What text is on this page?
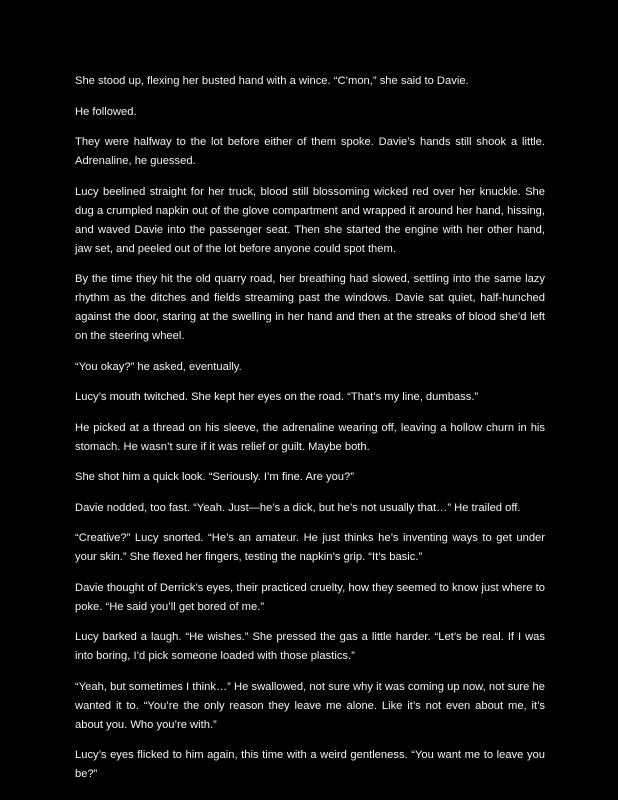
She stood up, flexing her busted hand with a wince. “C’mon,” she said to Davie.

He followed.

They were halfway to the lot before either of them spoke. Davie’s hands still shook a little. Adrenaline, he guessed.

Lucy beelined straight for her truck, blood still blossoming wicked red over her knuckle. She dug a crumpled napkin out of the glove compartment and wrapped it around her hand, hissing, and waved Davie into the passenger seat. Then she started the engine with her other hand, jaw set, and peeled out of the lot before anyone could spot them.

By the time they hit the old quarry road, her breathing had slowed, settling into the same lazy rhythm as the ditches and fields streaming past the windows. Davie sat quiet, half-hunched against the door, staring at the swelling in her hand and then at the streaks of blood she’d left on the steering wheel.

“You okay?” he asked, eventually.

Lucy’s mouth twitched. She kept her eyes on the road. “That’s my line, dumbass.”

He picked at a thread on his sleeve, the adrenaline wearing off, leaving a hollow churn in his stomach. He wasn’t sure if it was relief or guilt. Maybe both.

She shot him a quick look. “Seriously. I’m fine. Are you?”

Davie nodded, too fast. “Yeah. Just—he’s a dick, but he’s not usually that…” He trailed off.

“Creative?” Lucy snorted. “He’s an amateur. He just thinks he’s inventing ways to get under your skin.” She flexed her fingers, testing the napkin’s grip. “It’s basic.”

Davie thought of Derrick’s eyes, their practiced cruelty, how they seemed to know just where to poke. “He said you’ll get bored of me.”

Lucy barked a laugh. “He wishes.” She pressed the gas a little harder. “Let’s be real. If I was into boring, I’d pick someone loaded with those plastics.”

“Yeah, but sometimes I think…” He swallowed, not sure why it was coming up now, not sure he wanted it to. “You’re the only reason they leave me alone. Like it’s not even about me, it’s about you. Who you’re with.”

Lucy’s eyes flicked to him again, this time with a weird gentleness. “You want me to leave you be?”
